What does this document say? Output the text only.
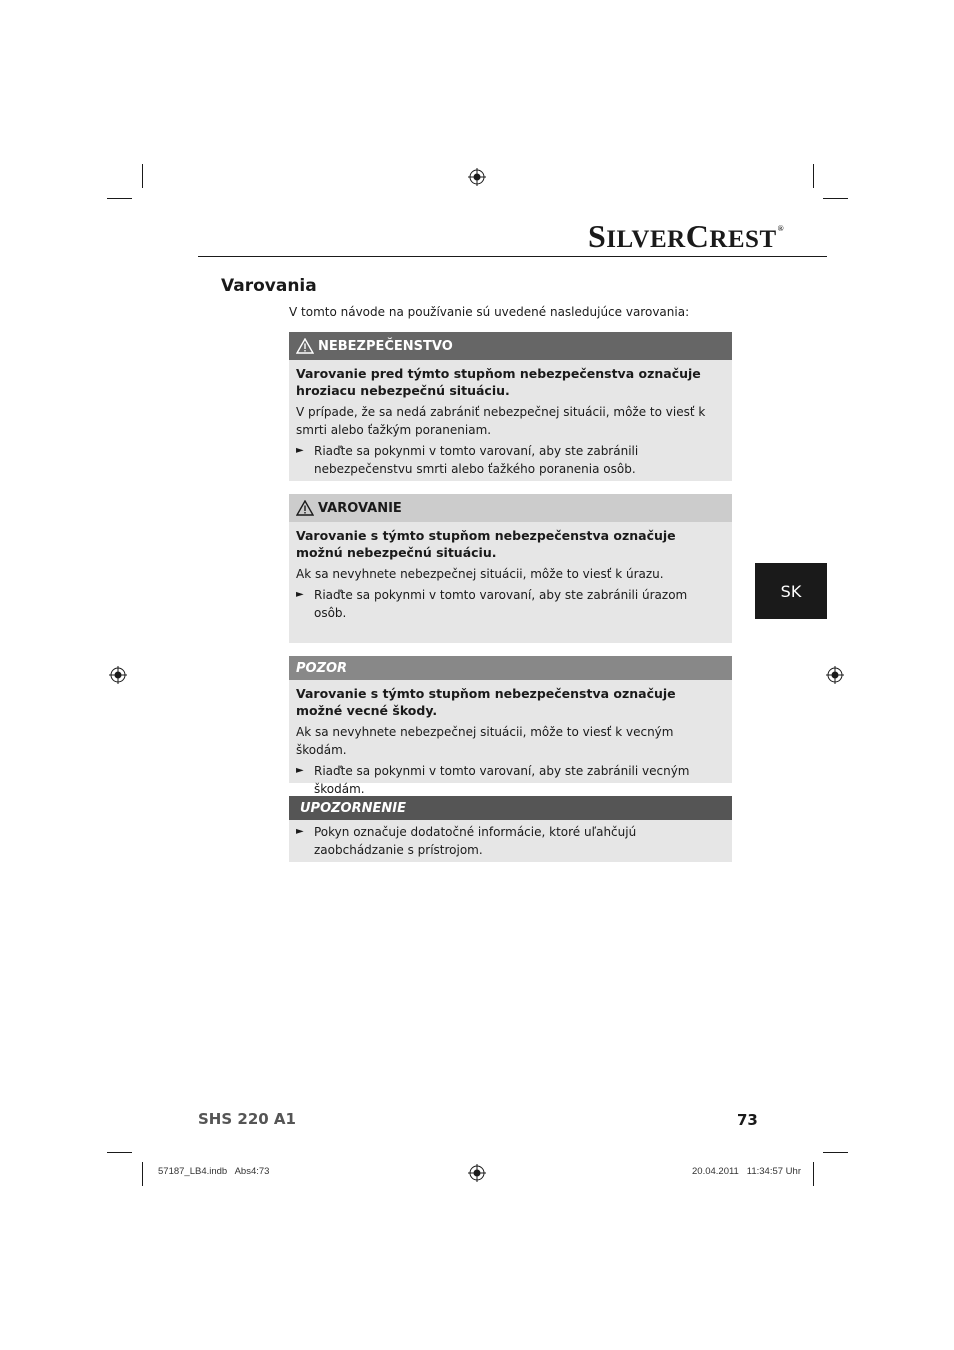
SILVERCREST®
Varovania
V tomto návode na používanie sú uvedené nasledujúce varovania:
NEBEZPEČENSTVO
Varovanie pred týmto stupňom nebezpečenstva označuje hroziacu nebezpečnú situáciu.
V prípade, že sa nedá zabrániť nebezpečnej situácii, môže to viesť k smrti alebo ťažkým poraneniam.
► Riaďte sa pokynmi v tomto varovaní, aby ste zabránili nebezpečenstvu smrti alebo ťažkého poranenia osôb.
VAROVANIE
Varovanie s týmto stupňom nebezpečenstva označuje možnú nebezpečnú situáciu.
Ak sa nevyhnete nebezpečnej situácii, môže to viesť k úrazu.
► Riaďte sa pokynmi v tomto varovaní, aby ste zabránili úrazom osôb.
POZOR
Varovanie s týmto stupňom nebezpečenstva označuje možné vecné škody.
Ak sa nevyhnete nebezpečnej situácii, môže to viesť k vecným škodám.
► Riaďte sa pokynmi v tomto varovaní, aby ste zabránili vecným škodám.
UPOZORNENIE
► Pokyn označuje dodatočné informácie, ktoré uľahčujú zaobchádzanie s prístrojom.
SK
SHS 220 A1	73
57187_LB4.indb   Abs4:73	20.04.2011   11:34:57 Uhr
